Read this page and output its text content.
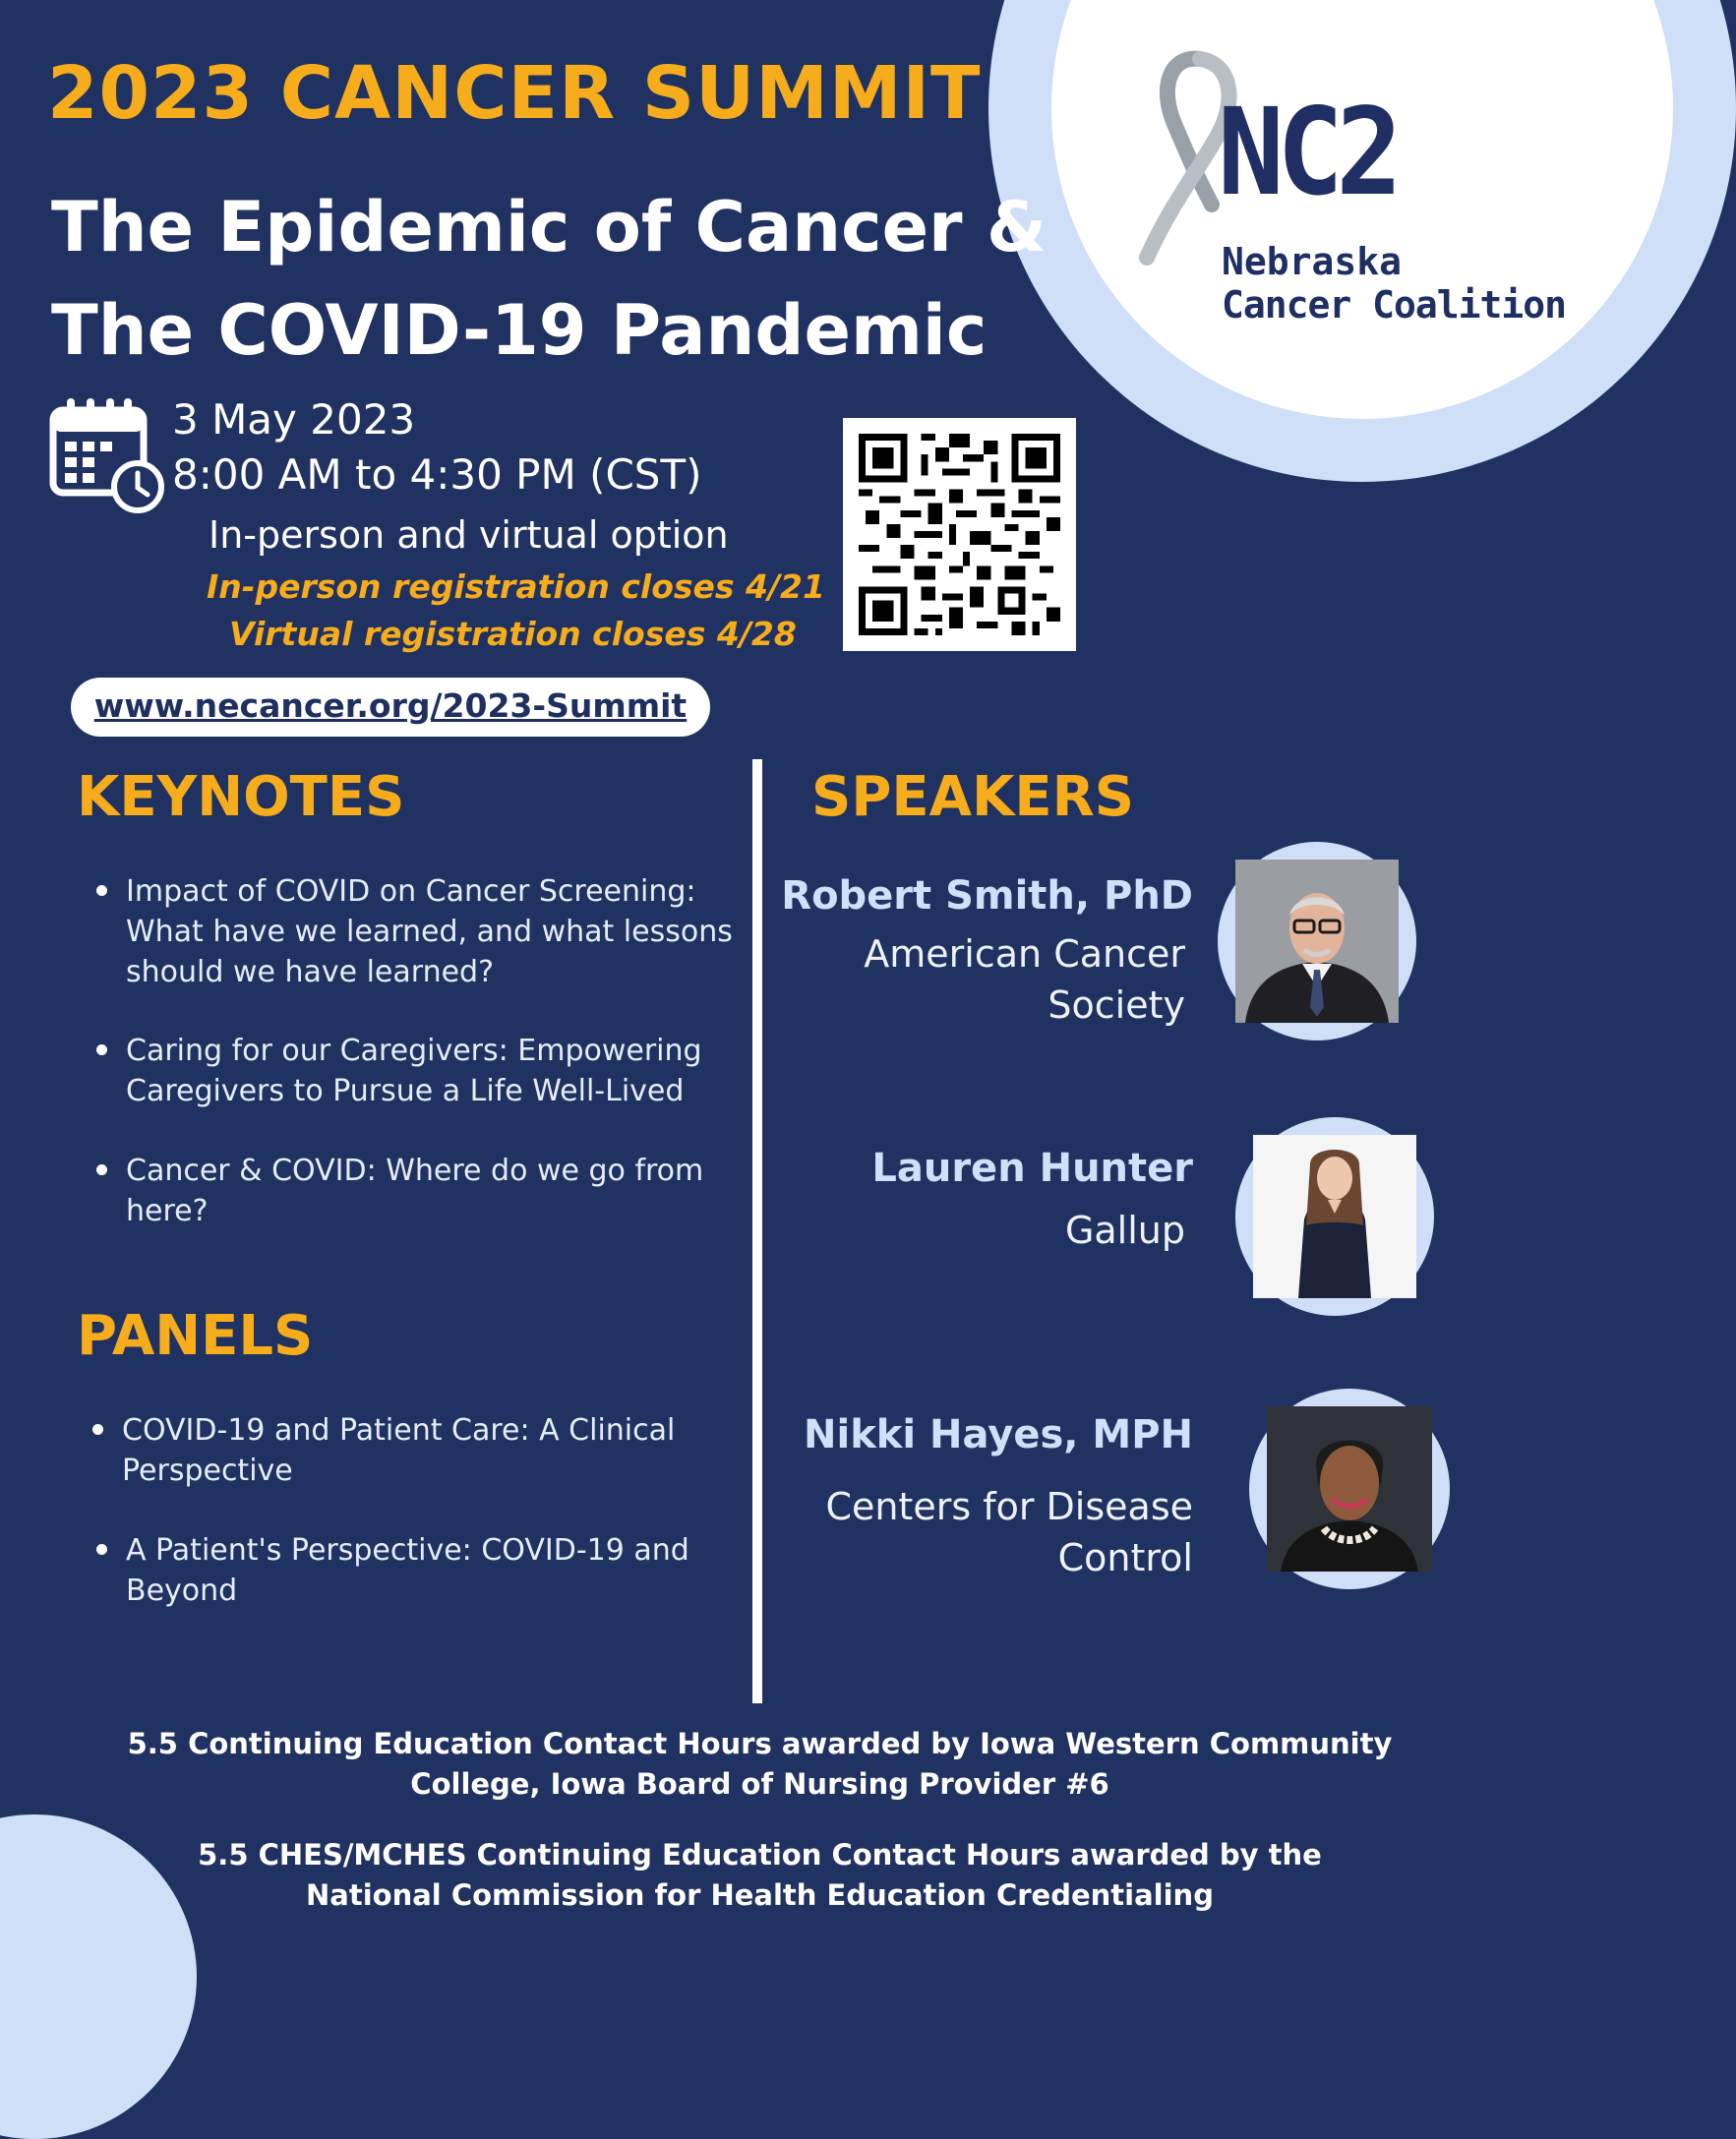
NC2
Nebraska
Cancer Coalition
2023 CANCER SUMMIT
The Epidemic of Cancer &
The COVID-19 Pandemic
3 May 2023
8:00 AM to 4:30 PM (CST)
In-person and virtual option
In-person registration closes 4/21
Virtual registration closes 4/28
www.necancer.org/2023-Summit
KEYNOTES
Impact of COVID on Cancer Screening: What have we learned, and what lessons should we have learned?
Caring for our Caregivers: Empowering Caregivers to Pursue a Life Well-Lived
Cancer & COVID: Where do we go from here?
PANELS
COVID-19 and Patient Care: A Clinical Perspective
A Patient's Perspective: COVID-19 and Beyond
SPEAKERS
Robert Smith, PhD
American Cancer
Society
Lauren Hunter
Gallup
Nikki Hayes, MPH
Centers for Disease
Control
5.5 Continuing Education Contact Hours awarded by Iowa Western Community
College, Iowa Board of Nursing Provider #6
5.5 CHES/MCHES Continuing Education Contact Hours awarded by the
National Commission for Health Education Credentialing
